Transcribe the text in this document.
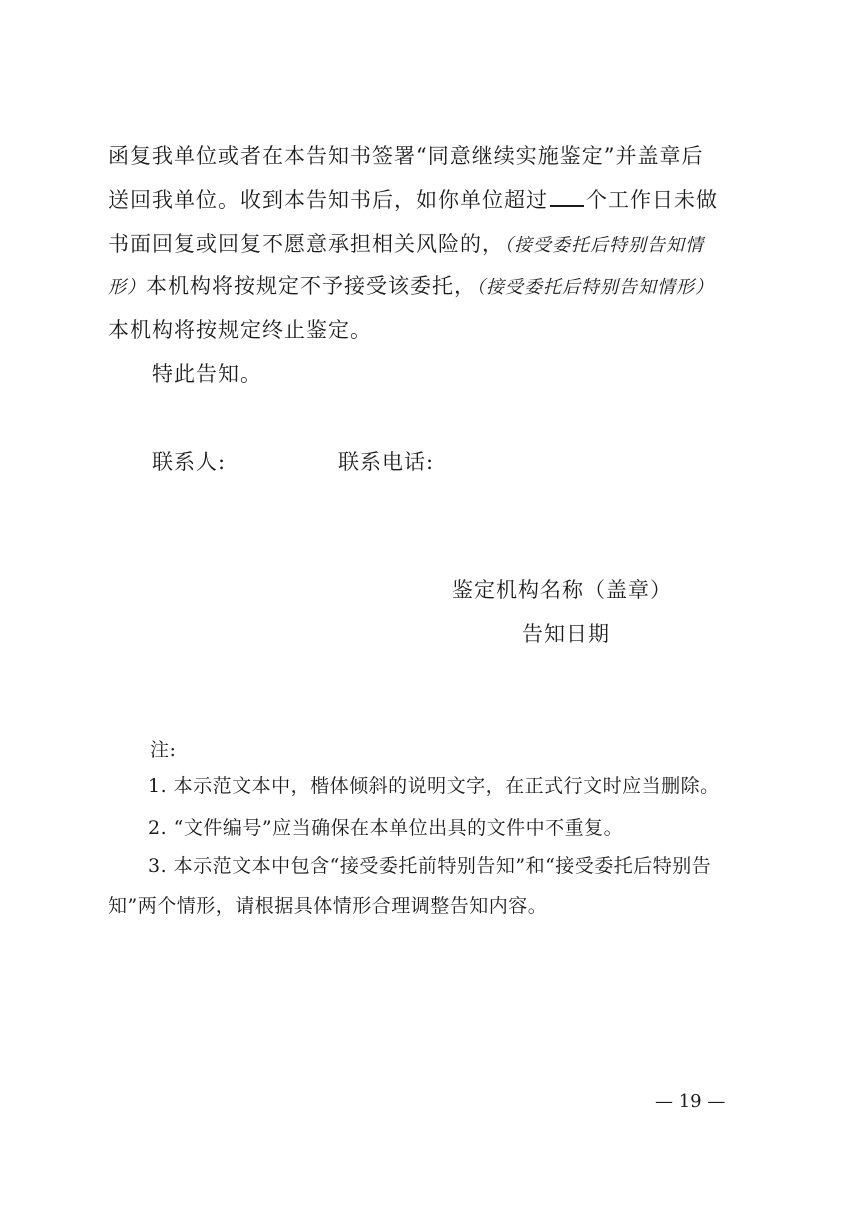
函复我单位或者在本告知书签署“同意继续实施鉴定”并盖章后
送回我单位。收到本告知书后，如你单位超过 个工作日未做
书面回复或回复不愿意承担相关风险的，（接受委托后特别告知情
形）本机构将按规定不予接受该委托，（接受委托后特别告知情形）
本机构将按规定终止鉴定。
特此告知。
联系人:	联系电话:
鉴定机构名称（盖章）
告知日期
注:
1. 本示范文本中，楷体倾斜的说明文字，在正式行文时应当删除。
2. “文件编号”应当确保在本单位出具的文件中不重复。
3. 本示范文本中包含“接受委托前特别告知”和“接受委托后特别告
知”两个情形，请根据具体情形合理调整告知内容。
— 19 —
